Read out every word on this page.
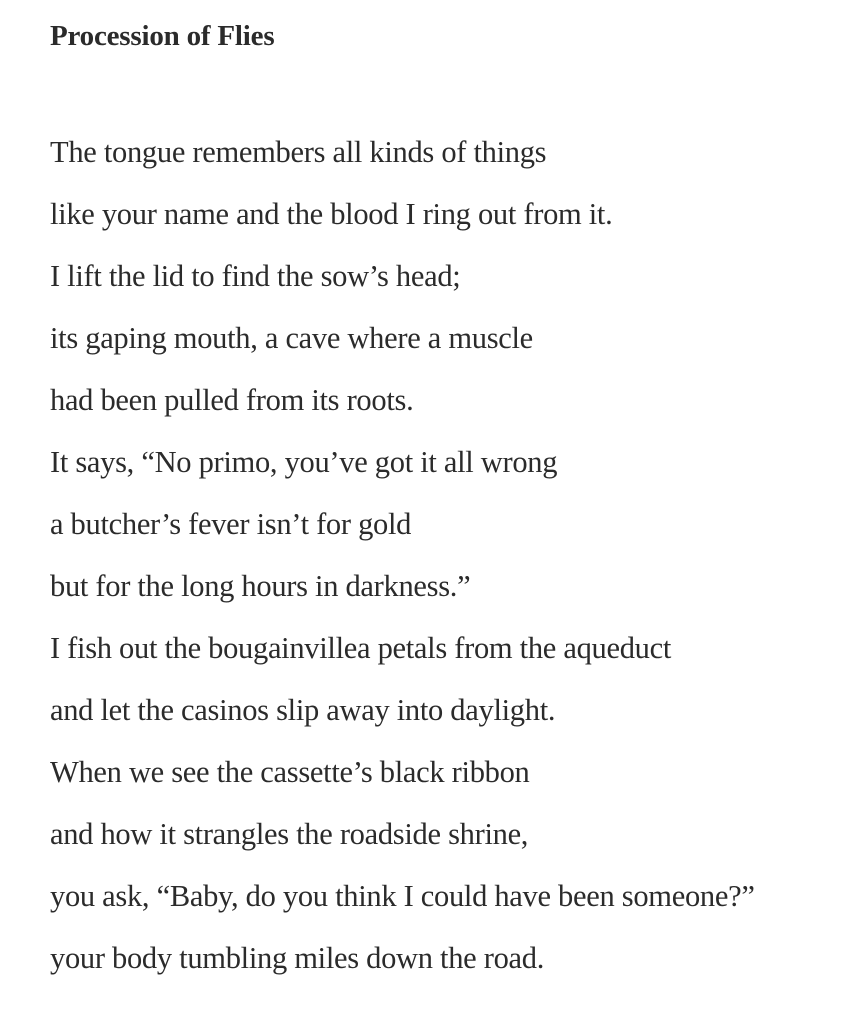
Procession of Flies
The tongue remembers all kinds of things
like your name and the blood I ring out from it.
I lift the lid to find the sow’s head;
its gaping mouth, a cave where a muscle
had been pulled from its roots.
It says, “No primo, you’ve got it all wrong
a butcher’s fever isn’t for gold
but for the long hours in darkness.”
I fish out the bougainvillea petals from the aqueduct
and let the casinos slip away into daylight.
When we see the cassette’s black ribbon
and how it strangles the roadside shrine,
you ask, “Baby, do you think I could have been someone?”
your body tumbling miles down the road.
